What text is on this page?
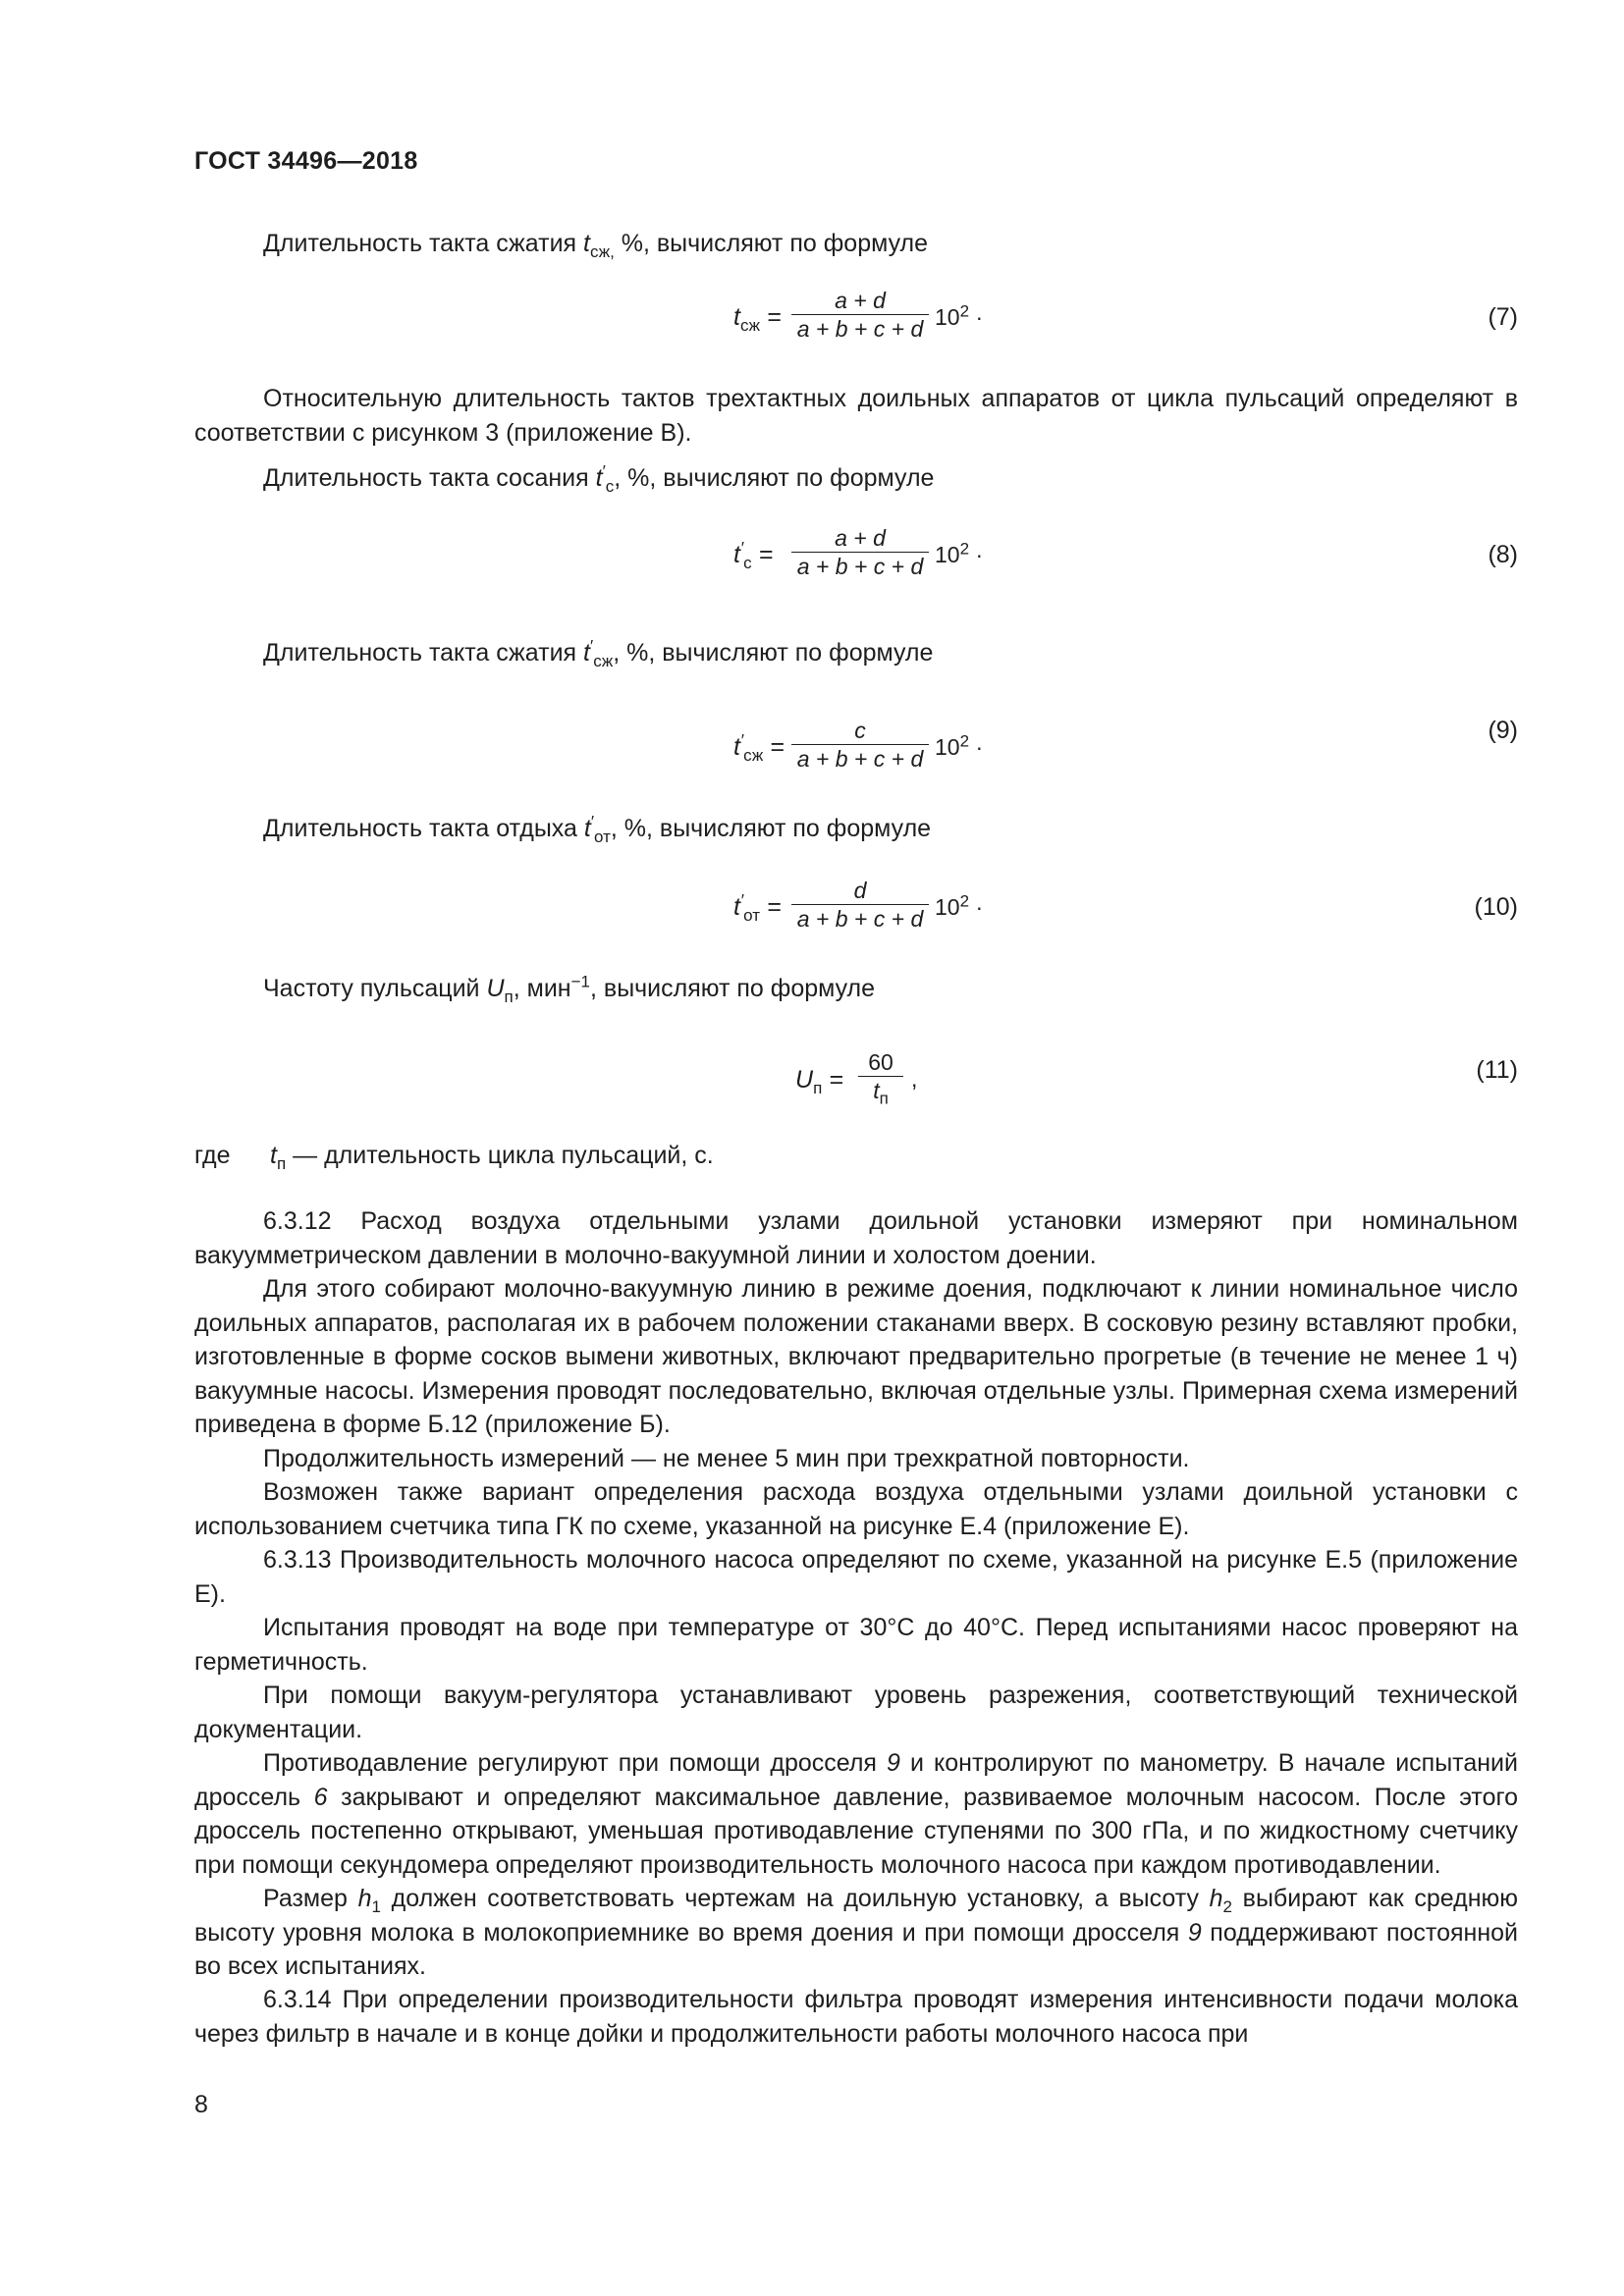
ГОСТ 34496—2018

Длительность такта сжатия $t_{сж,}$ %, вычисляют по формуле

$t_{сж}$ =
a + d
a + b + c + d $10^2$ ·	(7)

Относительную длительность тактов трехтактных доильных аппаратов от цикла пульсаций определяют в соответствии с рисунком 3 (приложение В).

Длительность такта сосания $t'_с$, %, вычисляют по формуле

$t'_с$ =
a + d
a + b + c + d $10^2$ ·	(8)

Длительность такта сжатия $t'_{сж}$, %, вычисляют по формуле

$t'_{сж}$ =
c
a + b + c + d $10^2$ ·
(9)

Длительность такта отдыха $t'_{от}$, %, вычисляют по формуле

$t'_{от}$ =
d
a + b + c + d $10^2$ ·	(10)

Частоту пульсаций $U_п$, мин$^{-1}$, вычисляют по формуле

$U_п$ =
60
$t_п$
,	(11)
где $t_п$ — длительность цикла пульсаций, с.

6.3.12 Расход воздуха отдельными узлами доильной установки измеряют при номинальном вакуумметрическом давлении в молочно-вакуумной линии и холостом доении.

Для этого собирают молочно-вакуумную линию в режиме доения, подключают к линии номинальное число доильных аппаратов, располагая их в рабочем положении стаканами вверх. В сосковую резину вставляют пробки, изготовленные в форме сосков вымени животных, включают предварительно прогретые (в течение не менее 1 ч) вакуумные насосы. Измерения проводят последовательно, включая отдельные узлы. Примерная схема измерений приведена в форме Б.12 (приложение Б).

Продолжительность измерений — не менее 5 мин при трехкратной повторности.

Возможен также вариант определения расхода воздуха отдельными узлами доильной установки с использованием счетчика типа ГК по схеме, указанной на рисунке Е.4 (приложение Е).

6.3.13 Производительность молочного насоса определяют по схеме, указанной на рисунке Е.5 (приложение Е).

Испытания проводят на воде при температуре от 30°С до 40°С. Перед испытаниями насос проверяют на герметичность.

При помощи вакуум-регулятора устанавливают уровень разрежения, соответствующий технической документации.

Противодавление регулируют при помощи дросселя 9 и контролируют по манометру. В начале испытаний дроссель 6 закрывают и определяют максимальное давление, развиваемое молочным насосом. После этого дроссель постепенно открывают, уменьшая противодавление ступенями по 300 гПа, и по жидкостному счетчику при помощи секундомера определяют производительность молочного насоса при каждом противодавлении.

Размер $h_1$ должен соответствовать чертежам на доильную установку, а высоту $h_2$ выбирают как среднюю высоту уровня молока в молокоприемнике во время доения и при помощи дросселя 9 поддерживают постоянной во всех испытаниях.

6.3.14 При определении производительности фильтра проводят измерения интенсивности подачи молока через фильтр в начале и в конце дойки и продолжительности работы молочного насоса при

8
